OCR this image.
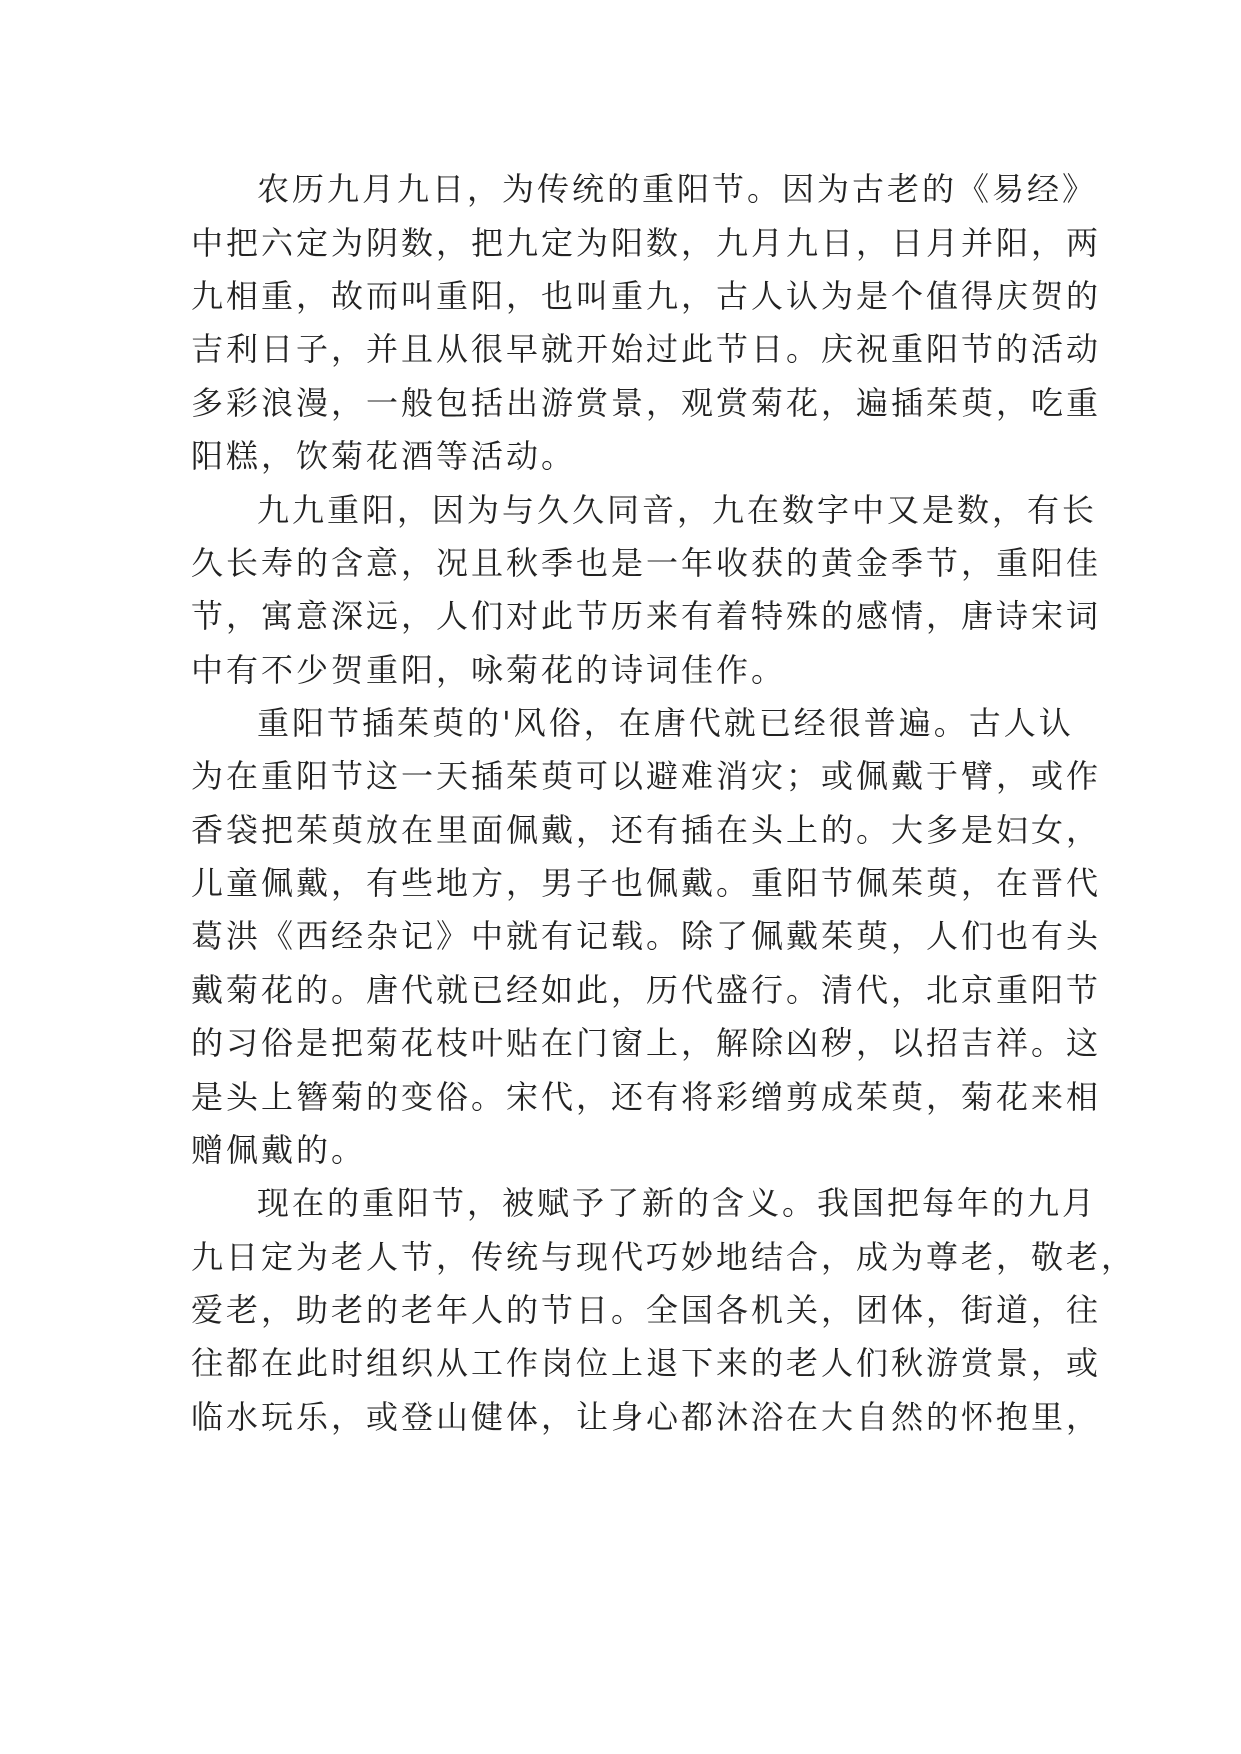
农历九月九日，为传统的重阳节。因为古老的《易经》
中把六定为阴数，把九定为阳数，九月九日，日月并阳，两
九相重，故而叫重阳，也叫重九，古人认为是个值得庆贺的
吉利日子，并且从很早就开始过此节日。庆祝重阳节的活动
多彩浪漫，一般包括出游赏景，观赏菊花，遍插茱萸，吃重
阳糕，饮菊花酒等活动。
九九重阳，因为与久久同音，九在数字中又是数，有长
久长寿的含意，况且秋季也是一年收获的黄金季节，重阳佳
节，寓意深远，人们对此节历来有着特殊的感情，唐诗宋词
中有不少贺重阳，咏菊花的诗词佳作。
重阳节插茱萸的'风俗，在唐代就已经很普遍。古人认
为在重阳节这一天插茱萸可以避难消灾；或佩戴于臂，或作
香袋把茱萸放在里面佩戴，还有插在头上的。大多是妇女，
儿童佩戴，有些地方，男子也佩戴。重阳节佩茱萸，在晋代
葛洪《西经杂记》中就有记载。除了佩戴茱萸，人们也有头
戴菊花的。唐代就已经如此，历代盛行。清代，北京重阳节
的习俗是把菊花枝叶贴在门窗上，解除凶秽，以招吉祥。这
是头上簪菊的变俗。宋代，还有将彩缯剪成茱萸，菊花来相
赠佩戴的。
现在的重阳节，被赋予了新的含义。我国把每年的九月
九日定为老人节，传统与现代巧妙地结合，成为尊老，敬老，
爱老，助老的老年人的节日。全国各机关，团体，街道，往
往都在此时组织从工作岗位上退下来的老人们秋游赏景，或
临水玩乐，或登山健体，让身心都沐浴在大自然的怀抱里，
